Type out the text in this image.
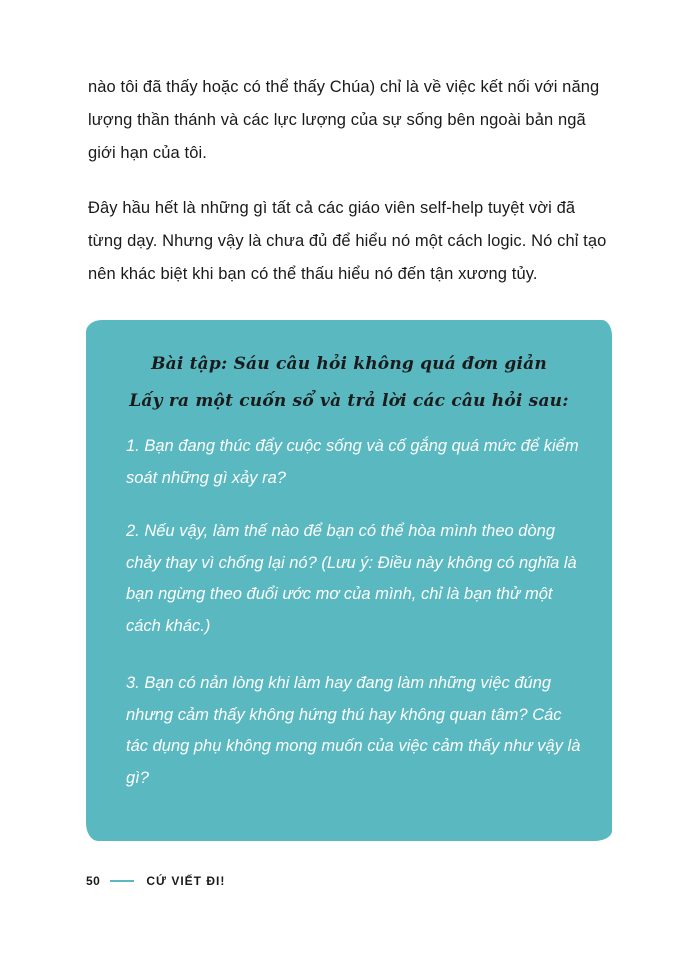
nào tôi đã thấy hoặc có thể thấy Chúa) chỉ là về việc kết nối với năng lượng thần thánh và các lực lượng của sự sống bên ngoài bản ngã giới hạn của tôi.

Đây hầu hết là những gì tất cả các giáo viên self-help tuyệt vời đã từng dạy. Nhưng vậy là chưa đủ để hiểu nó một cách logic. Nó chỉ tạo nên khác biệt khi bạn có thể thấu hiểu nó đến tận xương tủy.

Bài tập: Sáu câu hỏi không quá đơn giản

Lấy ra một cuốn sổ và trả lời các câu hỏi sau:

1. Bạn đang thúc đẩy cuộc sống và cố gắng quá mức để kiểm soát những gì xảy ra?

2. Nếu vậy, làm thế nào để bạn có thể hòa mình theo dòng chảy thay vì chống lại nó? (Lưu ý: Điều này không có nghĩa là bạn ngừng theo đuổi ước mơ của mình, chỉ là bạn thử một cách khác.)

3. Bạn có nản lòng khi làm hay đang làm những việc đúng nhưng cảm thấy không hứng thú hay không quan tâm? Các tác dụng phụ không mong muốn của việc cảm thấy như vậy là gì?

50	CỨ VIẾT ĐI!
